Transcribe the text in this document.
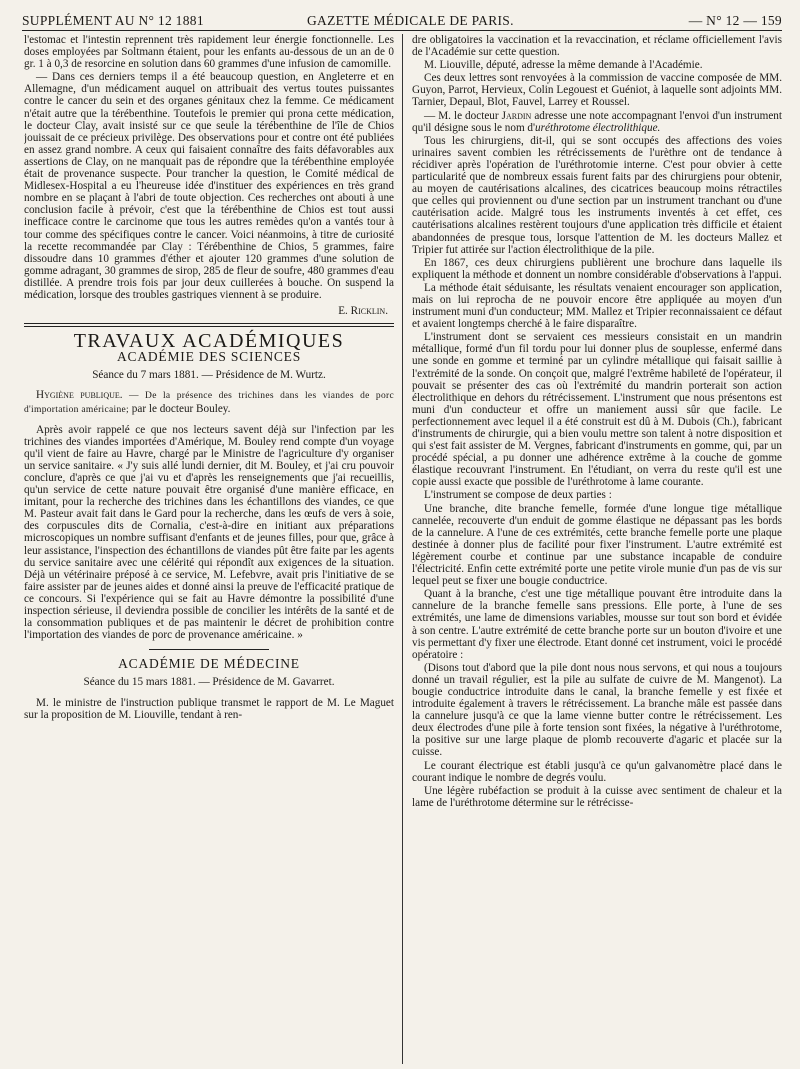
SUPPLÉMENT AU N° 12 1881	GAZETTE MÉDICALE DE PARIS.	— N° 12 — 159

l'estomac et l'intestin reprennent très rapidement leur énergie fonctionnelle. Les doses employées par Soltmann étaient, pour les enfants au-dessous de un an de 0 gr. 1 à 0,3 de resorcine en solution dans 60 grammes d'une infusion de camomille.

— Dans ces derniers temps il a été beaucoup question, en Angleterre et en Allemagne, d'un médicament auquel on attribuait des vertus toutes puissantes contre le cancer du sein et des organes génitaux chez la femme. Ce médicament n'était autre que la térébenthine. Toutefois le premier qui prona cette médication, le docteur Clay, avait insisté sur ce que seule la térébenthine de l'île de Chios jouissait de ce précieux privilège. Des observations pour et contre ont été publiées en assez grand nombre. A ceux qui faisaient connaître des faits défavorables aux assertions de Clay, on ne manquait pas de répondre que la térébenthine employée était de provenance suspecte. Pour trancher la question, le Comité médical de Midlesex-Hospital a eu l'heureuse idée d'instituer des expériences en très grand nombre en se plaçant à l'abri de toute objection. Ces recherches ont abouti à une conclusion facile à prévoir, c'est que la térébenthine de Chios est tout aussi inefficace contre le carcinome que tous les autres remèdes qu'on a vantés tour à tour comme des spécifiques contre le cancer. Voici néanmoins, à titre de curiosité la recette recommandée par Clay : Térébenthine de Chios, 5 grammes, faire dissoudre dans 10 grammes d'éther et ajouter 120 grammes d'une solution de gomme adragant, 30 grammes de sirop, 285 de fleur de soufre, 480 grammes d'eau distillée. A prendre trois fois par jour deux cuillerées à bouche. On suspend la médication, lorsque des troubles gastriques viennent à se produire.

E. Ricklin.
TRAVAUX ACADÉMIQUES
ACADÉMIE DES SCIENCES
Séance du 7 mars 1881. — Présidence de M. Wurtz.

Hygiène publique. — De la présence des trichines dans les viandes de porc d'importation américaine; par le docteur Bouley.

Après avoir rappelé ce que nos lecteurs savent déjà sur l'infection par les trichines des viandes importées d'Amérique, M. Bouley rend compte d'un voyage qu'il vient de faire au Havre, chargé par le Ministre de l'agriculture d'y organiser un service sanitaire. « J'y suis allé lundi dernier, dit M. Bouley, et j'ai cru pouvoir conclure, d'après ce que j'ai vu et d'après les renseignements que j'ai recueillis, qu'un service de cette nature pouvait être organisé d'une manière efficace, en imitant, pour la recherche des trichines dans les échantillons des viandes, ce que M. Pasteur avait fait dans le Gard pour la recherche, dans les œufs de vers à soie, des corpuscules dits de Cornalia, c'est-à-dire en initiant aux préparations microscopiques un nombre suffisant d'enfants et de jeunes filles, pour que, grâce à leur assistance, l'inspection des échantillons de viandes pût être faite par les agents du service sanitaire avec une célérité qui répondît aux exigences de la situation. Déjà un vétérinaire préposé à ce service, M. Lefebvre, avait pris l'initiative de se faire assister par de jeunes aides et donné ainsi la preuve de l'efficacité pratique de ce concours. Si l'expérience qui se fait au Havre démontre la possibilité d'une inspection sérieuse, il deviendra possible de concilier les intérêts de la santé et de la consommation publiques et de pas maintenir le décret de prohibition contre l'importation des viandes de porc de provenance américaine. »

ACADÉMIE DE MÉDECINE
Séance du 15 mars 1881. — Présidence de M. Gavarret.

M. le ministre de l'instruction publique transmet le rapport de M. Le Maguet sur la proposition de M. Liouville, tendant à ren-

dre obligatoires la vaccination et la revaccination, et réclame officiellement l'avis de l'Académie sur cette question.

M. Liouville, député, adresse la même demande à l'Académie.

Ces deux lettres sont renvoyées à la commission de vaccine composée de MM. Guyon, Parrot, Hervieux, Colin Legouest et Guéniot, à laquelle sont adjoints MM. Tarnier, Depaul, Blot, Fauvel, Larrey et Roussel.

— M. le docteur Jardin adresse une note accompagnant l'envoi d'un instrument qu'il désigne sous le nom d'uréthrotome électrolithique.

Tous les chirurgiens, dit-il, qui se sont occupés des affections des voies urinaires savent combien les rétrécissements de l'urèthre ont de tendance à récidiver après l'opération de l'uréthrotomie interne. C'est pour obvier à cette particularité que de nombreux essais furent faits par des chirurgiens pour obtenir, au moyen de cautérisations alcalines, des cicatrices beaucoup moins rétractiles que celles qui proviennent ou d'une section par un instrument tranchant ou d'une cautérisation acide. Malgré tous les instruments inventés à cet effet, ces cautérisations alcalines restèrent toujours d'une application très difficile et étaient abandonnées de presque tous, lorsque l'attention de M. les docteurs Mallez et Tripier fut attirée sur l'action électrolithique de la pile.

En 1867, ces deux chirurgiens publièrent une brochure dans laquelle ils expliquent la méthode et donnent un nombre considérable d'observations à l'appui.

La méthode était séduisante, les résultats venaient encourager son application, mais on lui reprocha de ne pouvoir encore être appliquée au moyen d'un instrument muni d'un conducteur; MM. Mallez et Tripier reconnaissaient ce défaut et avaient longtemps cherché à le faire disparaître.

L'instrument dont se servaient ces messieurs consistait en un mandrin métallique, formé d'un fil tordu pour lui donner plus de souplesse, enfermé dans une sonde en gomme et terminé par un cylindre métallique qui faisait saillie à l'extrémité de la sonde. On conçoit que, malgré l'extrême habileté de l'opérateur, il pouvait se présenter des cas où l'extrémité du mandrin porterait son action électrolithique en dehors du rétrécissement. L'instrument que nous présentons est muni d'un conducteur et offre un maniement aussi sûr que facile. Le perfectionnement avec lequel il a été construit est dû à M. Dubois (Ch.), fabricant d'instruments de chirurgie, qui a bien voulu mettre son talent à notre disposition et qui s'est fait assister de M. Vergnes, fabricant d'instruments en gomme, qui, par un procédé spécial, a pu donner une adhérence extrême à la couche de gomme élastique recouvrant l'instrument. En l'étudiant, on verra du reste qu'il est une copie aussi exacte que possible de l'uréthrotome à lame courante.

L'instrument se compose de deux parties :

Une branche, dite branche femelle, formée d'une longue tige métallique cannelée, recouverte d'un enduit de gomme élastique ne dépassant pas les bords de la cannelure. A l'une de ces extrémités, cette branche femelle porte une plaque destinée à donner plus de facilité pour fixer l'instrument. L'autre extrémité est légèrement courbe et continue par une substance incapable de conduire l'électricité. Enfin cette extrémité porte une petite virole munie d'un pas de vis sur lequel peut se fixer une bougie conductrice.

Quant à la branche, c'est une tige métallique pouvant être introduite dans la cannelure de la branche femelle sans pressions. Elle porte, à l'une de ses extrémités, une lame de dimensions variables, mousse sur tout son bord et évidée à son centre. L'autre extrémité de cette branche porte sur un bouton d'ivoire et une vis permettant d'y fixer une électrode. Etant donné cet instrument, voici le procédé opératoire :

(Disons tout d'abord que la pile dont nous nous servons, et qui nous a toujours donné un travail régulier, est la pile au sulfate de cuivre de M. Mangenot). La bougie conductrice introduite dans le canal, la branche femelle y est fixée et introduite également à travers le rétrécissement. La branche mâle est passée dans la cannelure jusqu'à ce que la lame vienne butter contre le rétrécissement. Les deux électrodes d'une pile à forte tension sont fixées, la négative à l'uréthrotome, la positive sur une large plaque de plomb recouverte d'agaric et placée sur la cuisse.

Le courant électrique est établi jusqu'à ce qu'un galvanomètre placé dans le courant indique le nombre de degrés voulu.

Une légère rubéfaction se produit à la cuisse avec sentiment de chaleur et la lame de l'uréthrotome détermine sur le rétrécisse-
